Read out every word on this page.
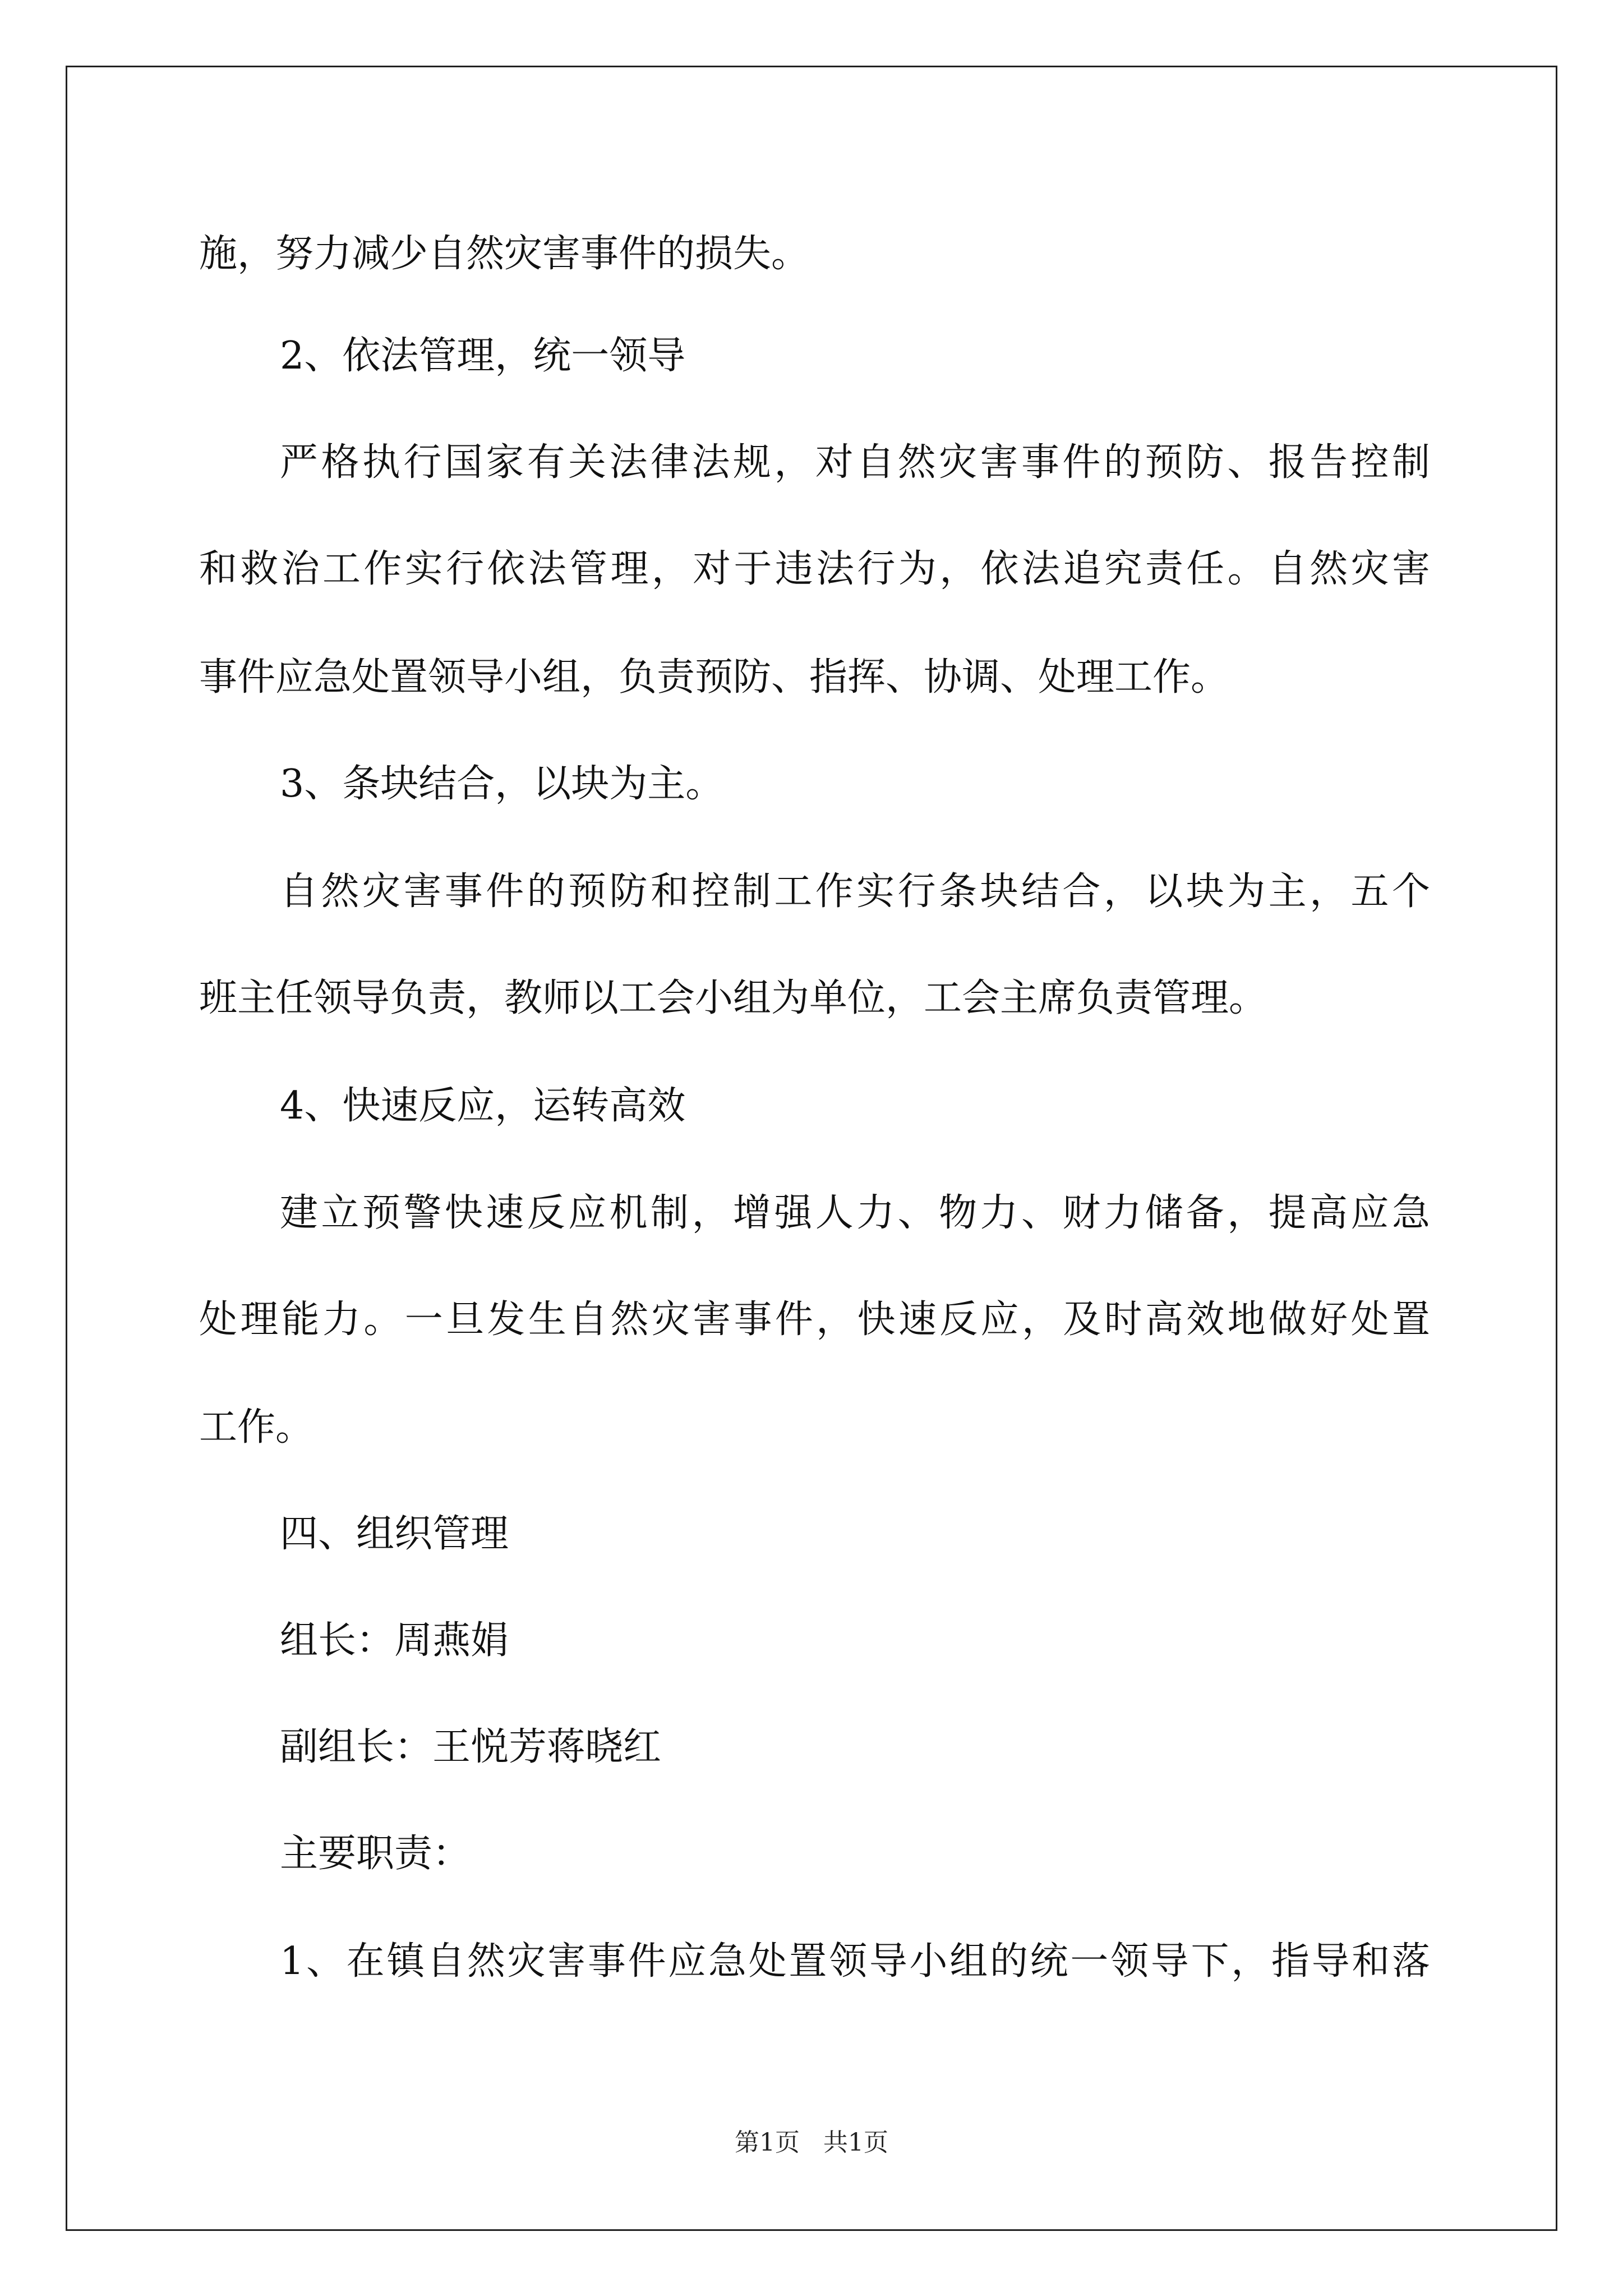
施，努力减少自然灾害事件的损失。
2、依法管理，统一领导
严格执行国家有关法律法规，对自然灾害事件的预防、报告控制
和救治工作实行依法管理，对于违法行为，依法追究责任。自然灾害
事件应急处置领导小组，负责预防、指挥、协调、处理工作。
3、条块结合，以块为主。
自然灾害事件的预防和控制工作实行条块结合，以块为主，五个
班主任领导负责，教师以工会小组为单位，工会主席负责管理。
4、快速反应，运转高效
建立预警快速反应机制，增强人力、物力、财力储备，提高应急
处理能力。一旦发生自然灾害事件，快速反应，及时高效地做好处置
工作。
四、组织管理
组长：周燕娟
副组长：王悦芳蒋晓红
主要职责：
1、在镇自然灾害事件应急处置领导小组的统一领导下，指导和落
第1页 共1页
